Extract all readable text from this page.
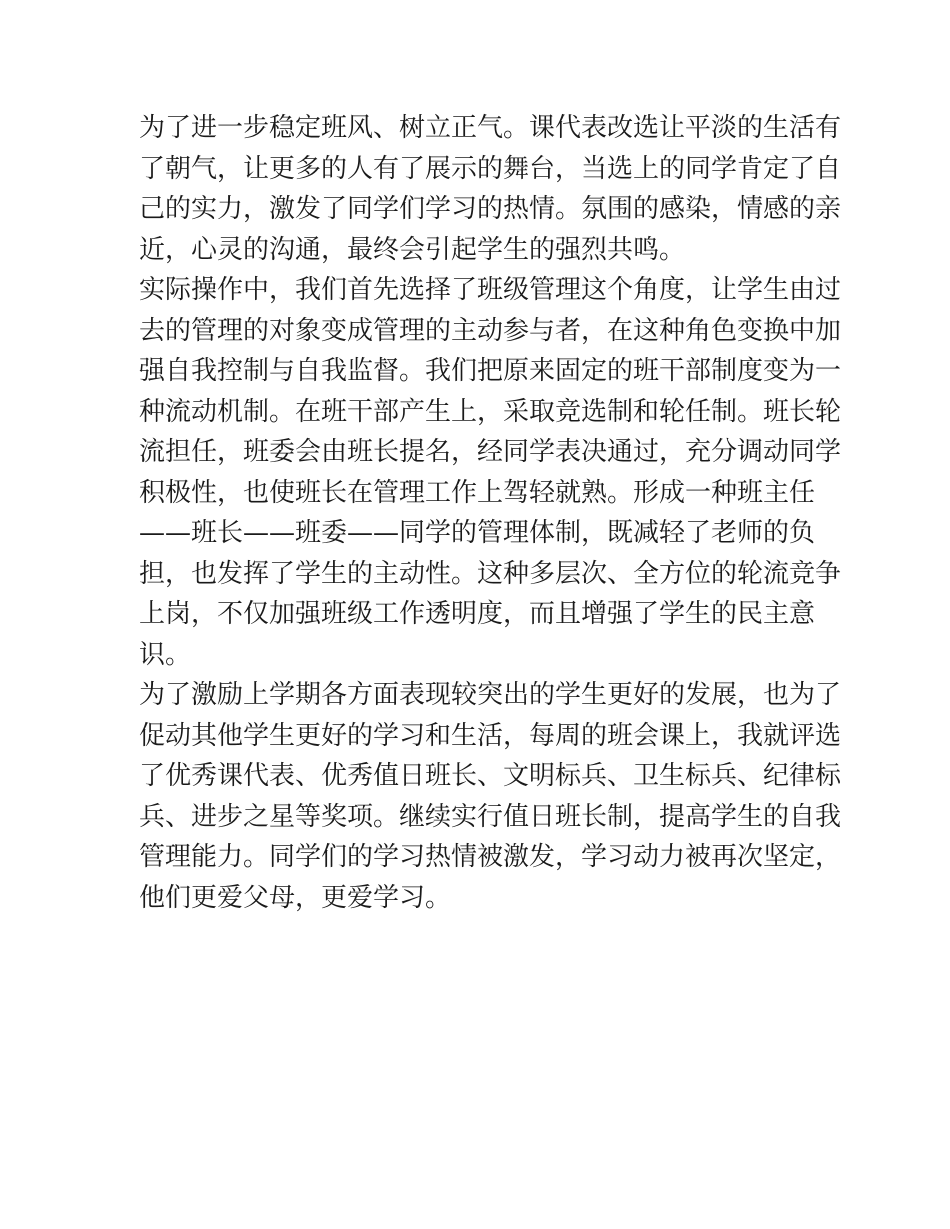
为了进一步稳定班风、树立正气。课代表改选让平淡的生活有
了朝气，让更多的人有了展示的舞台，当选上的同学肯定了自
己的实力，激发了同学们学习的热情。氛围的感染，情感的亲
近，心灵的沟通，最终会引起学生的强烈共鸣。
实际操作中，我们首先选择了班级管理这个角度，让学生由过
去的管理的对象变成管理的主动参与者，在这种角色变换中加
强自我控制与自我监督。我们把原来固定的班干部制度变为一
种流动机制。在班干部产生上，采取竞选制和轮任制。班长轮
流担任，班委会由班长提名，经同学表决通过，充分调动同学
积极性，也使班长在管理工作上驾轻就熟。形成一种班主任
——班长——班委——同学的管理体制，既减轻了老师的负
担，也发挥了学生的主动性。这种多层次、全方位的轮流竞争
上岗，不仅加强班级工作透明度，而且增强了学生的民主意
识。
为了激励上学期各方面表现较突出的学生更好的发展，也为了
促动其他学生更好的学习和生活，每周的班会课上，我就评选
了优秀课代表、优秀值日班长、文明标兵、卫生标兵、纪律标
兵、进步之星等奖项。继续实行值日班长制，提高学生的自我
管理能力。同学们的学习热情被激发，学习动力被再次坚定，
他们更爱父母，更爱学习。
